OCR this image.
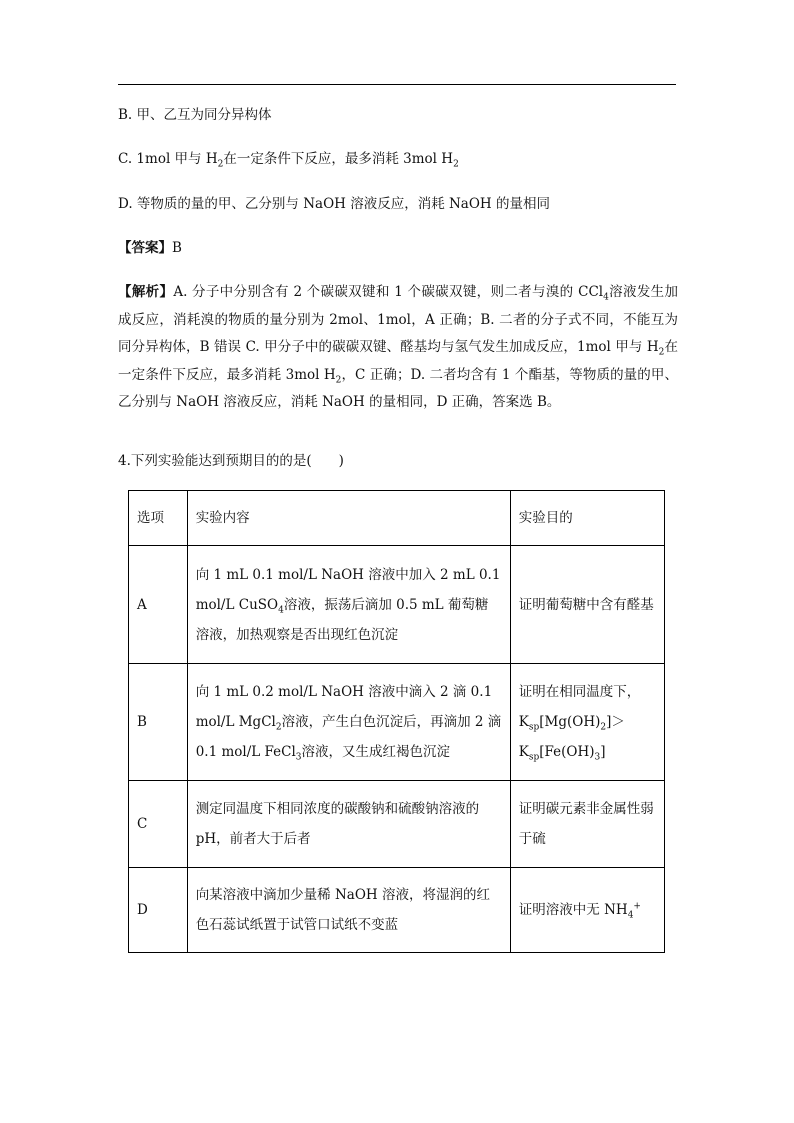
B. 甲、乙互为同分异构体
C. 1mol 甲与 $H_2$在一定条件下反应，最多消耗 3mol $H_2$
D. 等物质的量的甲、乙分别与 NaOH 溶液反应，消耗 NaOH 的量相同
【答案】B
【解析】A. 分子中分别含有 2 个碳碳双键和 1 个碳碳双键，则二者与溴的 CCl$_4$溶液发生加成反应，消耗溴的物质的量分别为 2mol、1mol，A 正确；B. 二者的分子式不同，不能互为同分异构体，B 错误 C. 甲分子中的碳碳双键、醛基均与氢气发生加成反应，1mol 甲与 $H_2$在一定条件下反应，最多消耗 3mol $H_2$，C 正确；D. 二者均含有 1 个酯基，等物质的量的甲、乙分别与 NaOH 溶液反应，消耗 NaOH 的量相同，D 正确，答案选 B。
4.下列实验能达到预期目的的是(　　)
选项	实验内容	实验目的
A	向 1 mL 0.1 mol/L NaOH 溶液中加入 2 mL 0.1 mol/L CuSO$_4$溶液，振荡后滴加 0.5 mL 葡萄糖溶液，加热观察是否出现红色沉淀	证明葡萄糖中含有醛基
B	向 1 mL 0.2 mol/L NaOH 溶液中滴入 2 滴 0.1 mol/L MgCl$_2$溶液，产生白色沉淀后，再滴加 2 滴 0.1 mol/L FeCl$_3$溶液，又生成红褐色沉淀	证明在相同温度下，$K_{sp}[Mg(OH)_2]>K_{sp}[Fe(OH)_3]$
C	测定同温度下相同浓度的碳酸钠和硫酸钠溶液的 pH，前者大于后者	证明碳元素非金属性弱于硫
D	向某溶液中滴加少量稀 NaOH 溶液，将湿润的红色石蕊试纸置于试管口试纸不变蓝	证明溶液中无 $NH_4^+$
